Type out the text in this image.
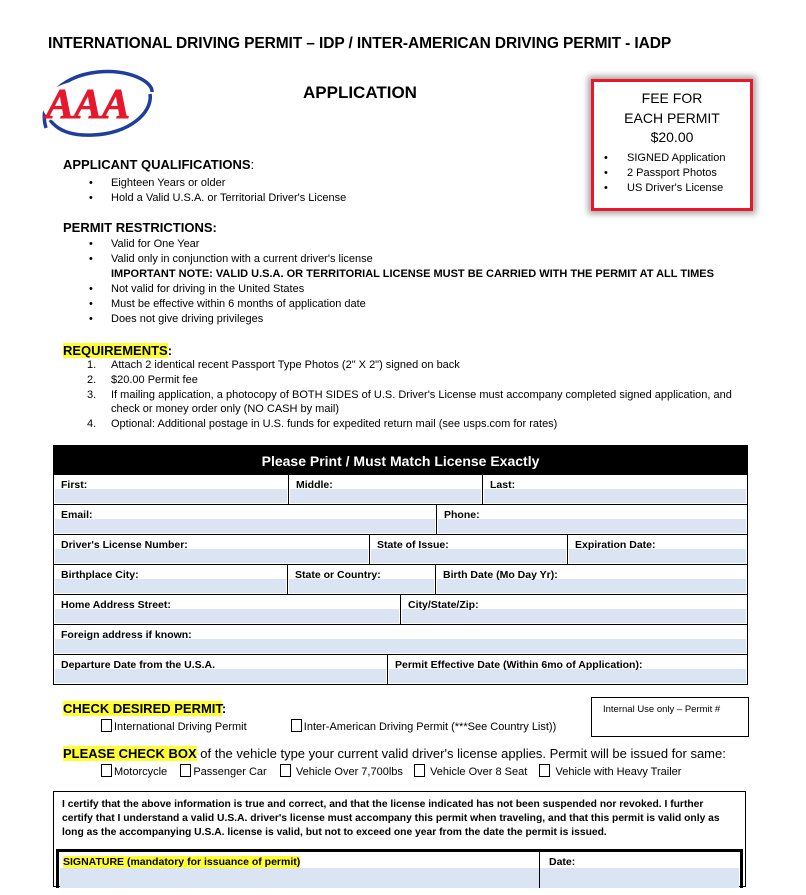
INTERNATIONAL DRIVING PERMIT – IDP / INTER-AMERICAN DRIVING PERMIT - IADP
AAA	APPLICATION	FEE FOR
EACH PERMIT
$20.00
• SIGNED Application
• 2 Passport Photos
• US Driver's License
APPLICANT QUALIFICATIONS:
• Eighteen Years or older
• Hold a Valid U.S.A. or Territorial Driver's License
PERMIT RESTRICTIONS:
• Valid for One Year
• Valid only in conjunction with a current driver's license
IMPORTANT NOTE: VALID U.S.A. OR TERRITORIAL LICENSE MUST BE CARRIED WITH THE PERMIT AT ALL TIMES
• Not valid for driving in the United States
• Must be effective within 6 months of application date
• Does not give driving privileges
REQUIREMENTS:
1. Attach 2 identical recent Passport Type Photos (2" X 2") signed on back
2. $20.00 Permit fee
3. If mailing application, a photocopy of BOTH SIDES of U.S. Driver's License must accompany completed signed application, and check or money order only (NO CASH by mail)
4. Optional: Additional postage in U.S. funds for expedited return mail (see usps.com for rates)
Please Print / Must Match License Exactly
First:	Middle:	Last:
Email:	Phone:
Driver's License Number:	State of Issue:	Expiration Date:
Birthplace City:	State or Country:	Birth Date (Mo Day Yr):
Home Address Street:	City/State/Zip:
Foreign address if known:
Departure Date from the U.S.A.	Permit Effective Date (Within 6mo of Application):
CHECK DESIRED PERMIT:
International Driving Permit	Inter-American Driving Permit (***See Country List))
Internal Use only – Permit #
PLEASE CHECK BOX of the vehicle type your current valid driver's license applies. Permit will be issued for same:
Motorcycle Passenger Car	Vehicle Over 7,700lbs Vehicle Over 8 Seat	Vehicle with Heavy Trailer

I certify that the above information is true and correct, and that the license indicated has not been suspended nor revoked. I further certify that I understand a valid U.S.A. driver's license must accompany this permit when traveling, and that this permit is valid only as long as the accompanying U.S.A. license is valid, but not to exceed one year from the date the permit is issued.

SIGNATURE (mandatory for issuance of permit)	Date:
